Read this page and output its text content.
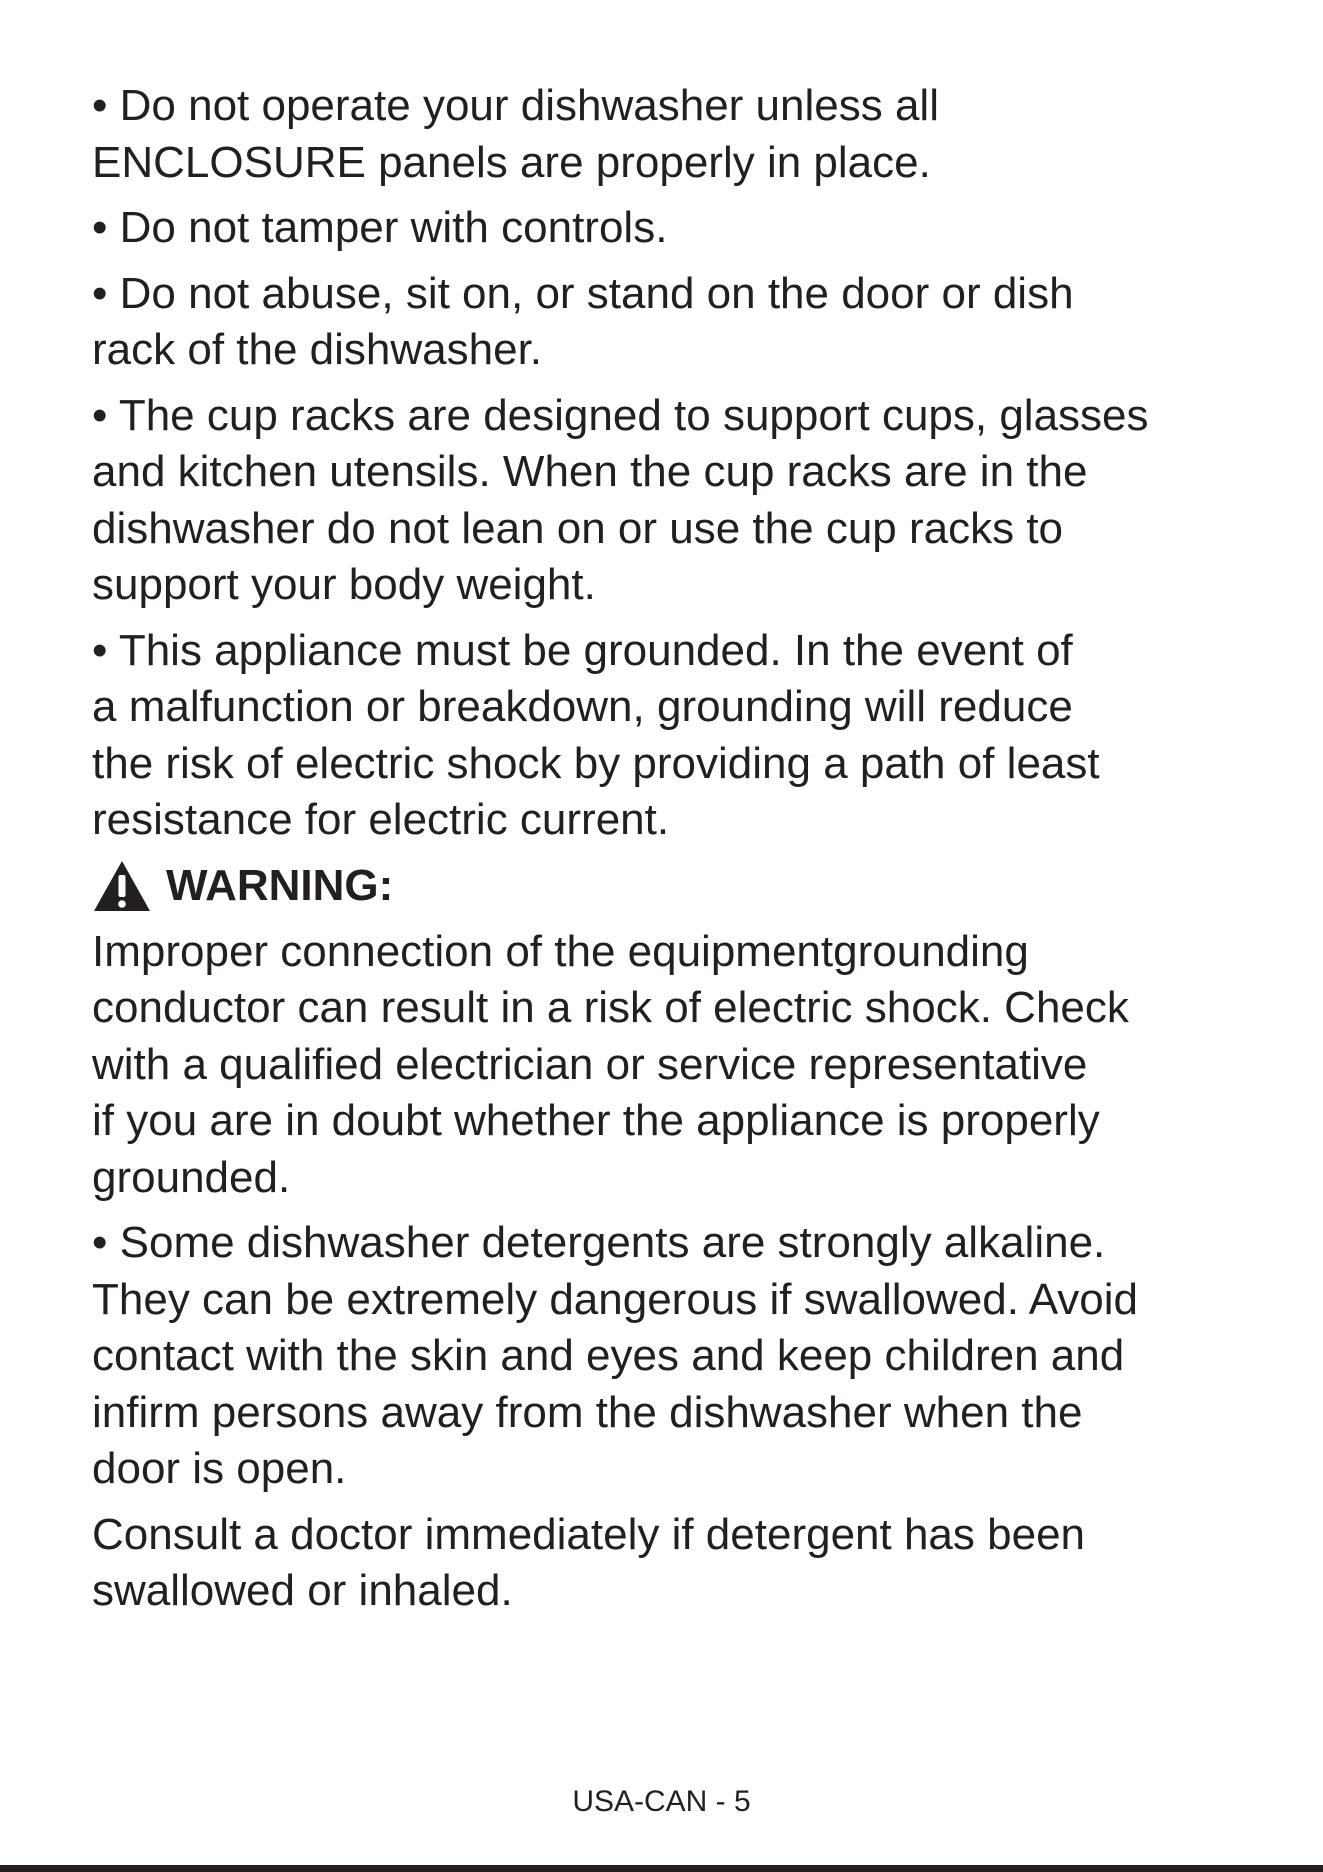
• Do not operate your dishwasher unless all
ENCLOSURE panels are properly in place.

• Do not tamper with controls.

• Do not abuse, sit on, or stand on the door or dish
rack of the dishwasher.

• The cup racks are designed to support cups, glasses
and kitchen utensils. When the cup racks are in the
dishwasher do not lean on or use the cup racks to
support your body weight.

• This appliance must be grounded. In the event of
a malfunction or breakdown, grounding will reduce
the risk of electric shock by providing a path of least
resistance for electric current.

WARNING:

Improper connection of the equipmentgrounding
conductor can result in a risk of electric shock. Check
with a qualified electrician or service representative
if you are in doubt whether the appliance is properly
grounded.

• Some dishwasher detergents are strongly alkaline.
They can be extremely dangerous if swallowed. Avoid
contact with the skin and eyes and keep children and
infirm persons away from the dishwasher when the
door is open.

Consult a doctor immediately if detergent has been
swallowed or inhaled.

USA-CAN - 5
